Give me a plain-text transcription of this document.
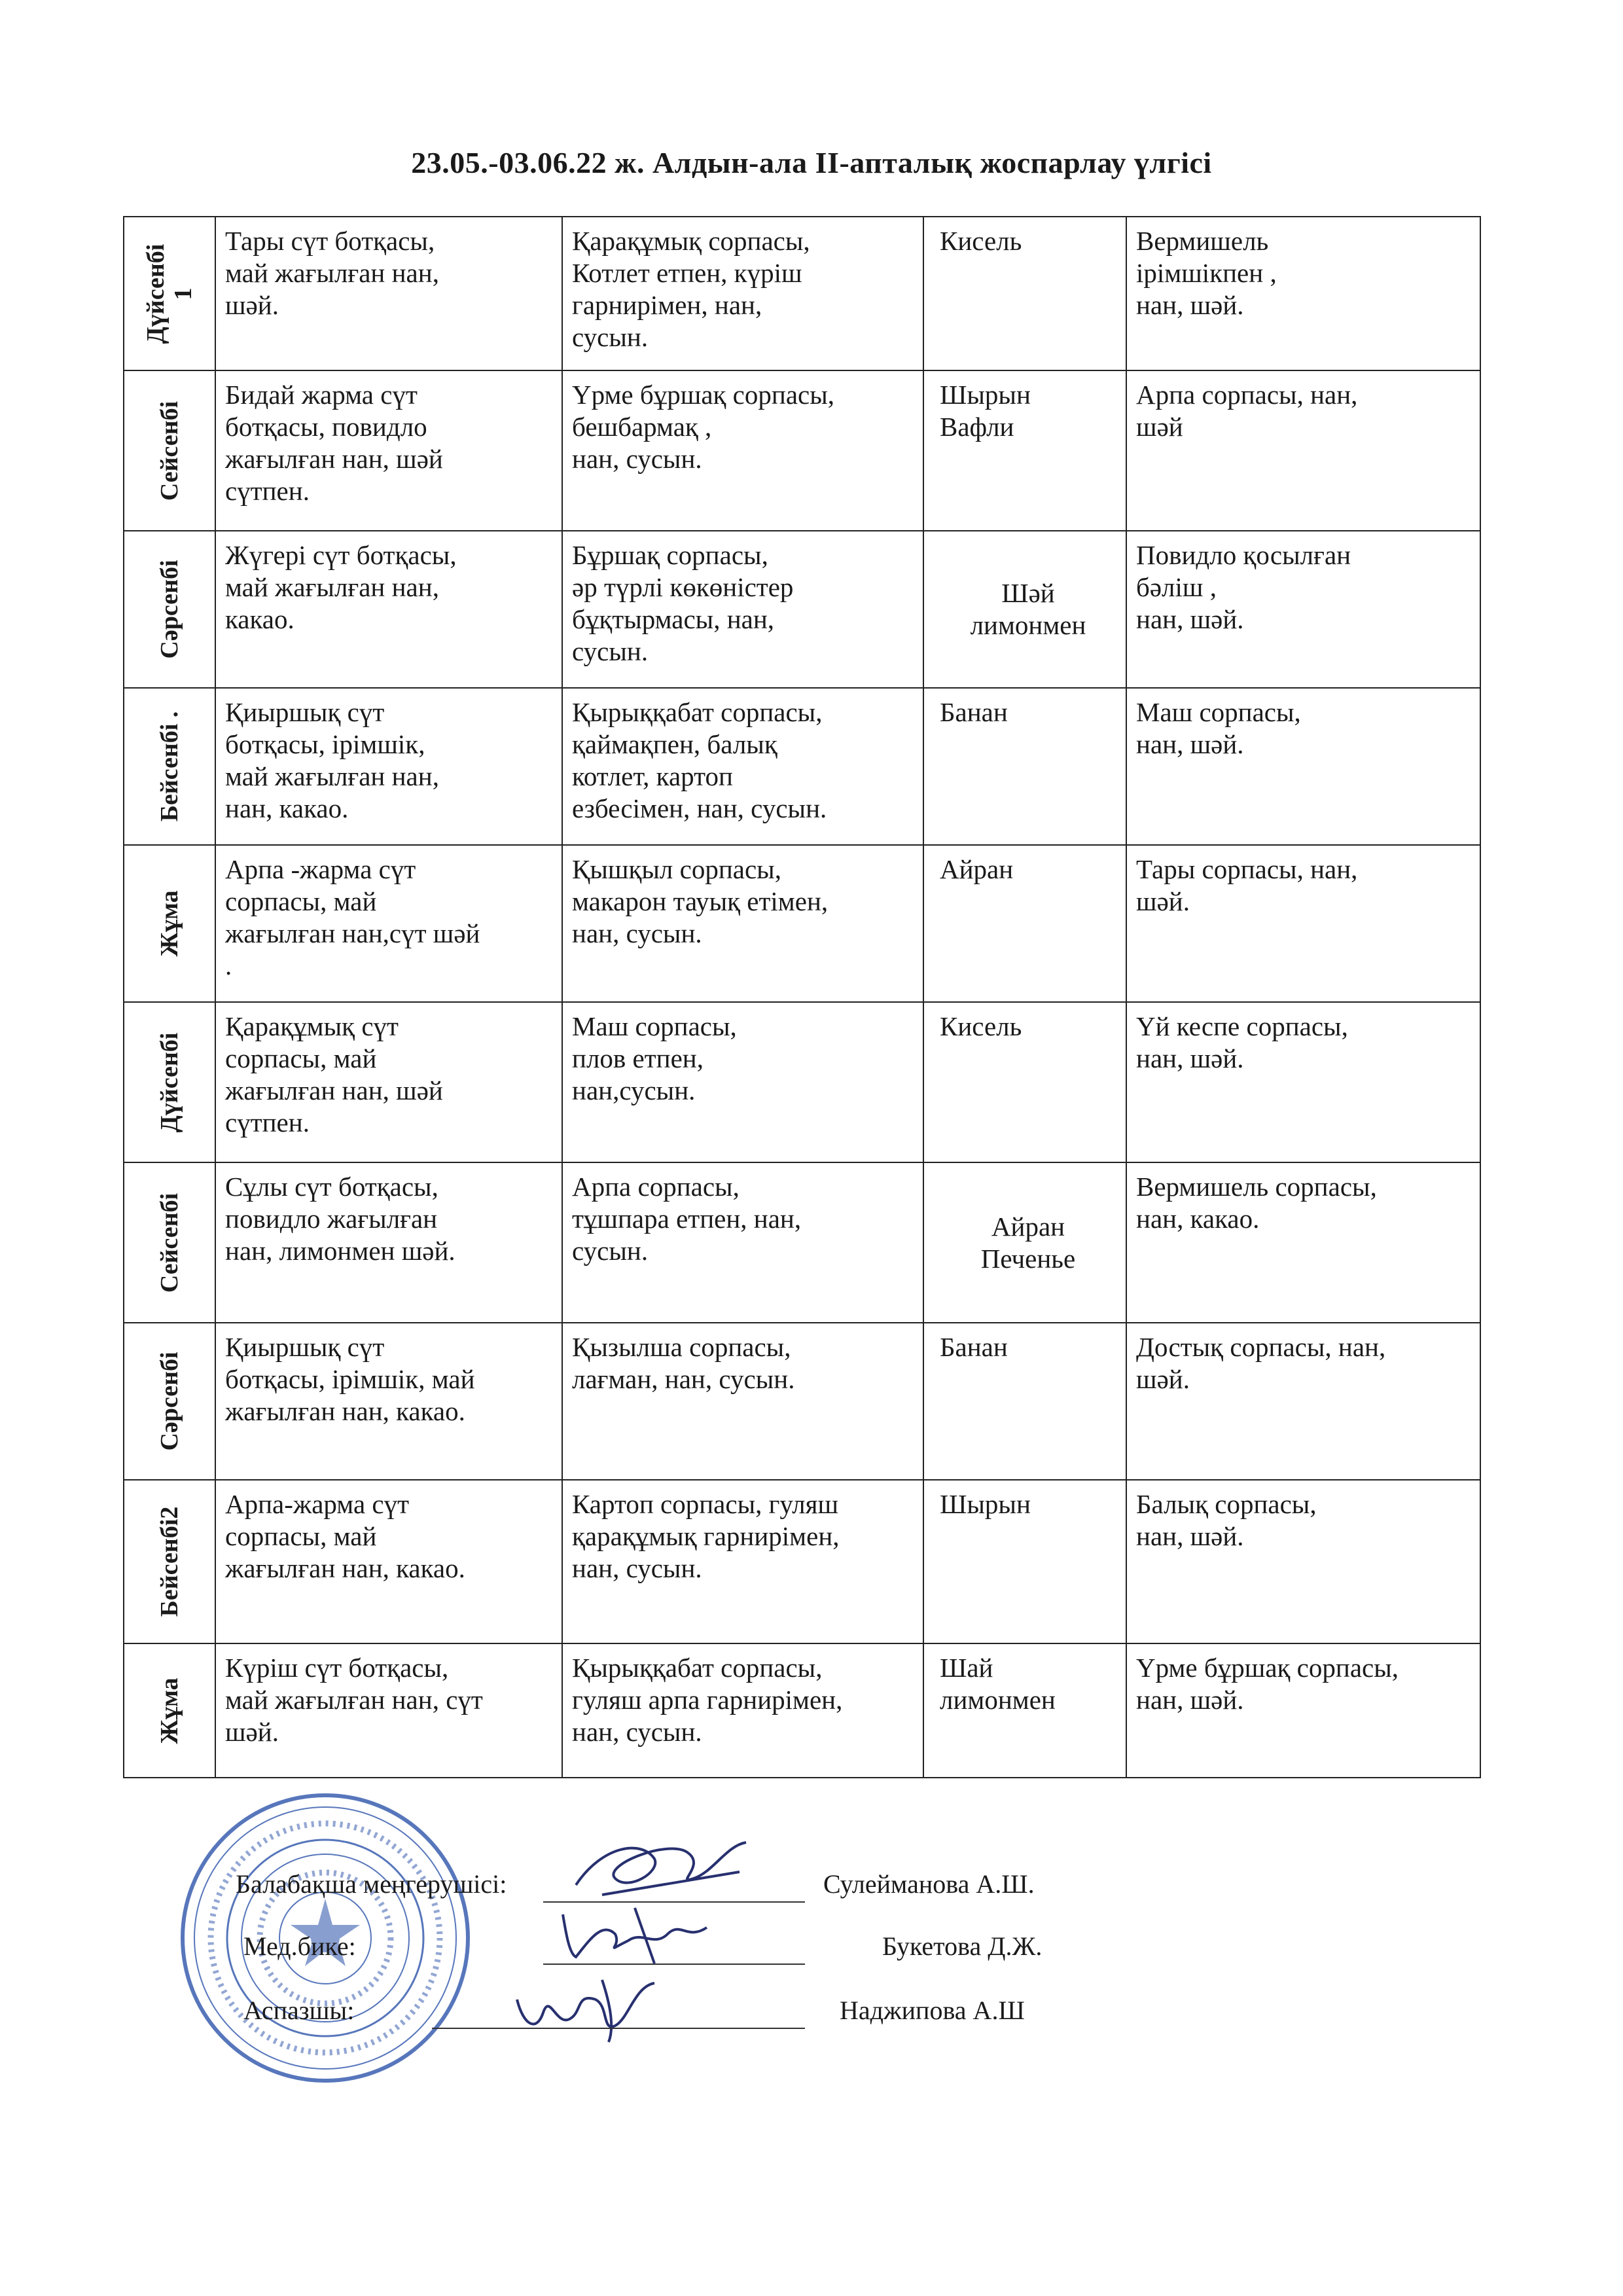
23.05.-03.06.22 ж. Алдын-ала ІІ-апталық жоспарлау үлгісі
Дүйсенбі
1	Тары сүт ботқасы,
май жағылған нан,
шәй.	Қарақұмық сорпасы,
Котлет етпен, күріш
гарнирімен, нан,
сусын.	Кисель	Вермишель
ірімшікпен ,
нан, шәй.

Сейсенбі	Бидай жарма сүт
ботқасы, повидло
жағылған нан, шәй
сүтпен.	Үрме бұршақ сорпасы,
бешбармақ ,
нан, сусын.	Шырын
Вафли	Арпа сорпасы, нан,
шәй

Сәрсенбі	Жүгері сүт ботқасы,
май жағылған нан,
какао.	Бұршақ сорпасы,
әр түрлі көкөністер
бұқтырмасы, нан,
сусын.	Шәй
лимонмен	Повидло қосылған
бәліш ,
нан, шәй.

Бейсенбі .	Қиыршық сүт
ботқасы, ірімшік,
май жағылған нан,
нан, какао.	Қырыққабат сорпасы,
қаймақпен, балық
котлет, картоп
езбесімен, нан, сусын.	Банан	Маш сорпасы,
нан, шәй.

Жұма	Арпа -жарма сүт
сорпасы, май
жағылған нан,сүт шәй
.	Қышқыл сорпасы,
макарон тауық етімен,
нан, сусын.	Айран	Тары сорпасы, нан,
шәй.

Дүйсенбі	Қарақұмық сүт
сорпасы, май
жағылған нан, шәй
сүтпен.	Маш сорпасы,
плов етпен,
нан,сусын.	Кисель	Үй кеспе сорпасы,
нан, шәй.

Сейсенбі	Сұлы сүт ботқасы,
повидло жағылған
нан, лимонмен шәй.	Арпа сорпасы,
тұшпара етпен, нан,
сусын.	Айран
Печенье	Вермишель сорпасы,
нан, какао.

Сәрсенбі	Қиыршық сүт
ботқасы, ірімшік, май
жағылған нан, какао.	Қызылша сорпасы,
лағман, нан, сусын.	Банан	Достық сорпасы, нан,
шәй.

Бейсенбі2	Арпа-жарма сүт
сорпасы, май
жағылған нан, какао.	Картоп сорпасы, гуляш
қарақұмық гарнирімен,
нан, сусын.	Шырын	Балық сорпасы,
нан, шәй.

Жұма	Күріш сүт ботқасы,
май жағылған нан, сүт
шәй.	Қырыққабат сорпасы,
гуляш арпа гарнирімен,
нан, сусын.	Шай
лимонмен	Үрме бұршақ сорпасы,
нан, шәй.
Балабақша меңгерушісі:	Сулейманова А.Ш.
Мед.бике:	Букетова Д.Ж.
Аспазшы:	Наджипова А.Ш
